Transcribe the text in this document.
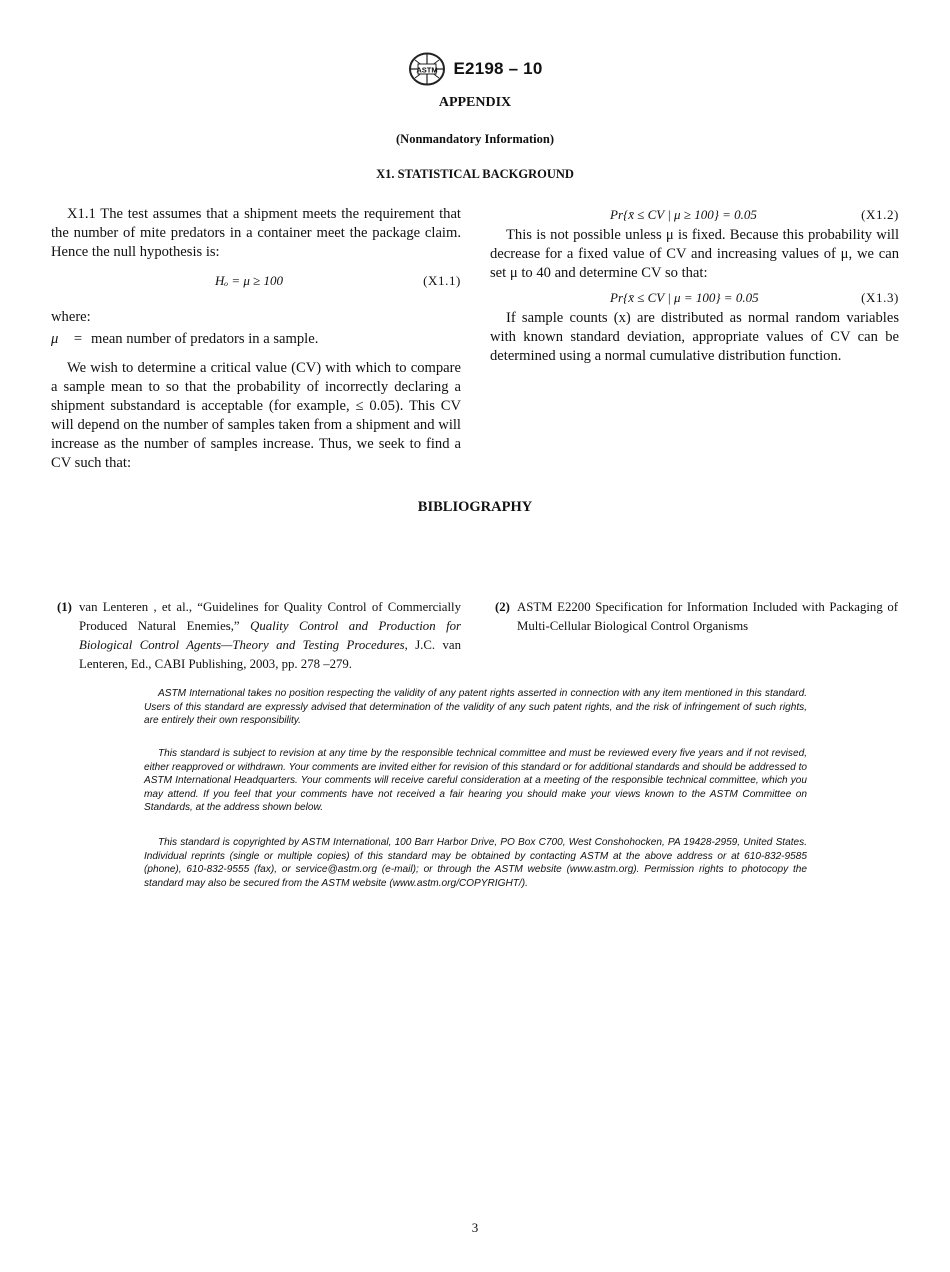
ASTM E2198 – 10
APPENDIX
(Nonmandatory Information)
X1. STATISTICAL BACKGROUND

X1.1 The test assumes that a shipment meets the requirement that the number of mite predators in a container meet the package claim. Hence the null hypothesis is:

Hₒ = μ ≥ 100	(X1.1)
where:
μ	= mean number of predators in a sample.

We wish to determine a critical value (CV) with which to compare a sample mean to so that the probability of incorrectly declaring a shipment substandard is acceptable (for example, ≤ 0.05). This CV will depend on the number of samples taken from a shipment and will increase as the number of samples increase. Thus, we seek to find a CV such that:

Pr{x̄ ≤ CV | μ ≥ 100} = 0.05	(X1.2)

This is not possible unless μ is fixed. Because this probability will decrease for a fixed value of CV and increasing values of μ, we can set μ to 40 and determine CV so that:

Pr{x̄ ≤ CV | μ = 100} = 0.05	(X1.3)

If sample counts (x) are distributed as normal random variables with known standard deviation, appropriate values of CV can be determined using a normal cumulative distribution function.

BIBLIOGRAPHY
(1) van Lenteren , et al., “Guidelines for Quality Control of Commercially Produced Natural Enemies,” Quality Control and Production for Biological Control Agents—Theory and Testing Procedures, J.C. van Lenteren, Ed., CABI Publishing, 2003, pp. 278 –279.
(2) ASTM E2200 Specification for Information Included with Packaging of Multi-Cellular Biological Control Organisms
ASTM International takes no position respecting the validity of any patent rights asserted in connection with any item mentioned in this standard. Users of this standard are expressly advised that determination of the validity of any such patent rights, and the risk of infringement of such rights, are entirely their own responsibility.
This standard is subject to revision at any time by the responsible technical committee and must be reviewed every five years and if not revised, either reapproved or withdrawn. Your comments are invited either for revision of this standard or for additional standards and should be addressed to ASTM International Headquarters. Your comments will receive careful consideration at a meeting of the responsible technical committee, which you may attend. If you feel that your comments have not received a fair hearing you should make your views known to the ASTM Committee on Standards, at the address shown below.
This standard is copyrighted by ASTM International, 100 Barr Harbor Drive, PO Box C700, West Conshohocken, PA 19428-2959, United States. Individual reprints (single or multiple copies) of this standard may be obtained by contacting ASTM at the above address or at 610-832-9585 (phone), 610-832-9555 (fax), or service@astm.org (e-mail); or through the ASTM website (www.astm.org). Permission rights to photocopy the standard may also be secured from the ASTM website (www.astm.org/COPYRIGHT/).
3
